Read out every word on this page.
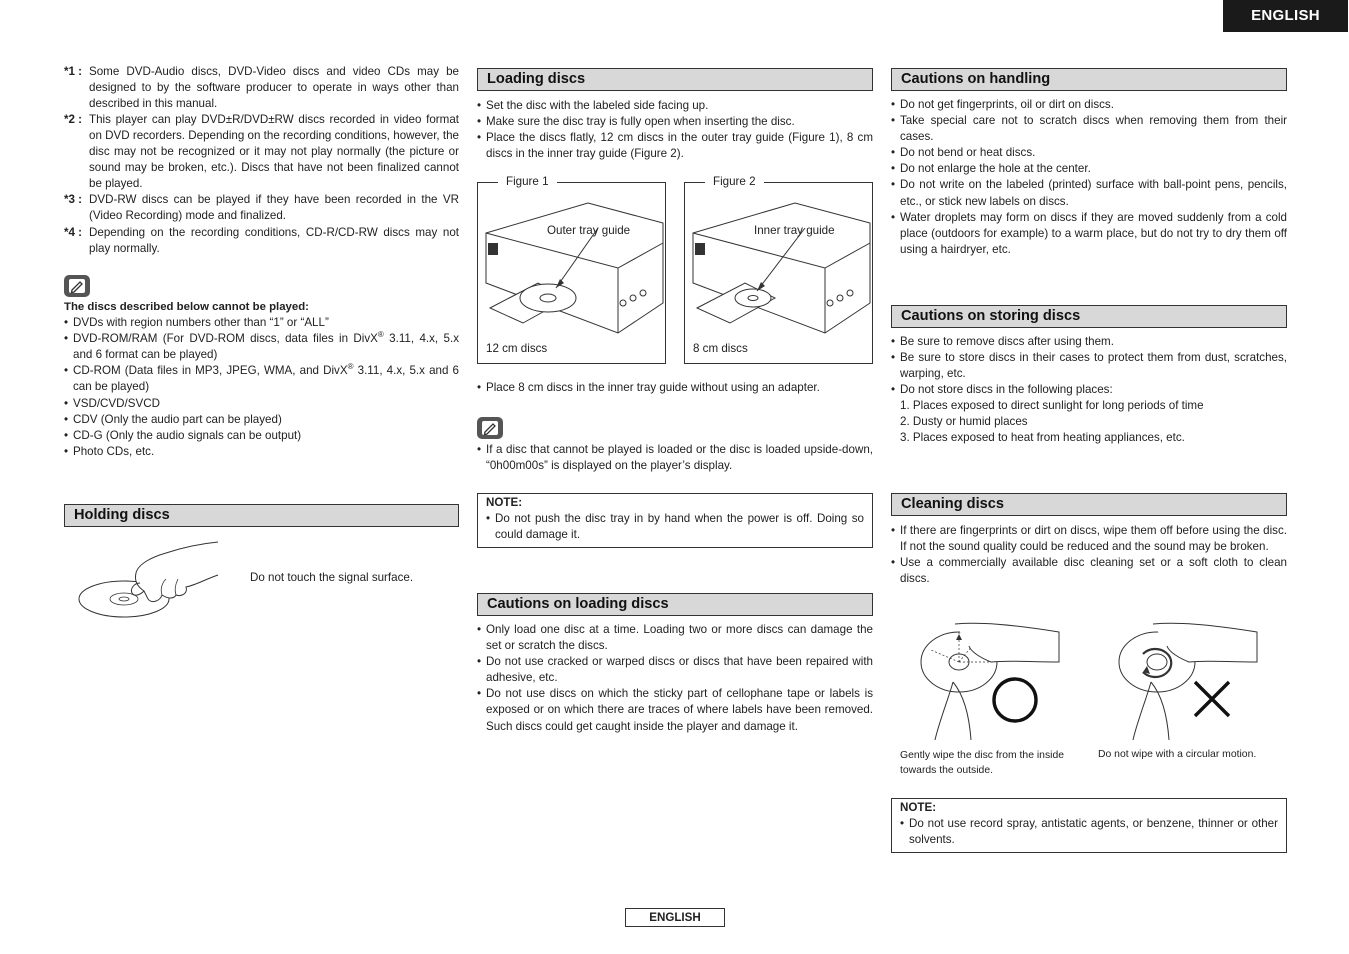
ENGLISH
*1 : Some DVD-Audio discs, DVD-Video discs and video CDs may be designed to by the software producer to operate in ways other than described in this manual.
*2 : This player can play DVD±R/DVD±RW discs recorded in video format on DVD recorders. Depending on the recording conditions, however, the disc may not be recognized or it may not play normally (the picture or sound may be broken, etc.). Discs that have not been finalized cannot be played.
*3 : DVD-RW discs can be played if they have been recorded in the VR (Video Recording) mode and finalized.
*4 : Depending on the recording conditions, CD-R/CD-RW discs may not play normally.
The discs described below cannot be played:
• DVDs with region numbers other than “1” or “ALL”
• DVD-ROM/RAM (For DVD-ROM discs, data files in DivX® 3.11, 4.x, 5.x and 6 format can be played)
• CD-ROM (Data files in MP3, JPEG, WMA, and DivX® 3.11, 4.x, 5.x and 6 can be played)
• VSD/CVD/SVCD
• CDV (Only the audio part can be played)
• CD-G (Only the audio signals can be output)
• Photo CDs, etc.
Holding discs
Do not touch the signal surface.
Loading discs
• Set the disc with the labeled side facing up.
• Make sure the disc tray is fully open when inserting the disc.
• Place the discs flatly, 12 cm discs in the outer tray guide (Figure 1), 8 cm discs in the inner tray guide (Figure 2).
Figure 1
Outer tray guide
12 cm discs
Figure 2
Inner tray guide
8 cm discs
• Place 8 cm discs in the inner tray guide without using an adapter.
• If a disc that cannot be played is loaded or the disc is loaded upside-down, “0h00m00s” is displayed on the player’s display.
NOTE:
• Do not push the disc tray in by hand when the power is off. Doing so could damage it.
Cautions on loading discs
• Only load one disc at a time. Loading two or more discs can damage the set or scratch the discs.
• Do not use cracked or warped discs or discs that have been repaired with adhesive, etc.
• Do not use discs on which the sticky part of cellophane tape or labels is exposed or on which there are traces of where labels have been removed. Such discs could get caught inside the player and damage it.
Cautions on handling
• Do not get fingerprints, oil or dirt on discs.
• Take special care not to scratch discs when removing them from their cases.
• Do not bend or heat discs.
• Do not enlarge the hole at the center.
• Do not write on the labeled (printed) surface with ball-point pens, pencils, etc., or stick new labels on discs.
• Water droplets may form on discs if they are moved suddenly from a cold place (outdoors for example) to a warm place, but do not try to dry them off using a hairdryer, etc.
Cautions on storing discs
• Be sure to remove discs after using them.
• Be sure to store discs in their cases to protect them from dust, scratches, warping, etc.
• Do not store discs in the following places:
1. Places exposed to direct sunlight for long periods of time
2. Dusty or humid places
3. Places exposed to heat from heating appliances, etc.
Cleaning discs
• If there are fingerprints or dirt on discs, wipe them off before using the disc. If not the sound quality could be reduced and the sound may be broken.
• Use a commercially available disc cleaning set or a soft cloth to clean discs.
Gently wipe the disc from the inside towards the outside.
Do not wipe with a circular motion.
NOTE:
• Do not use record spray, antistatic agents, or benzene, thinner or other solvents.
ENGLISH
